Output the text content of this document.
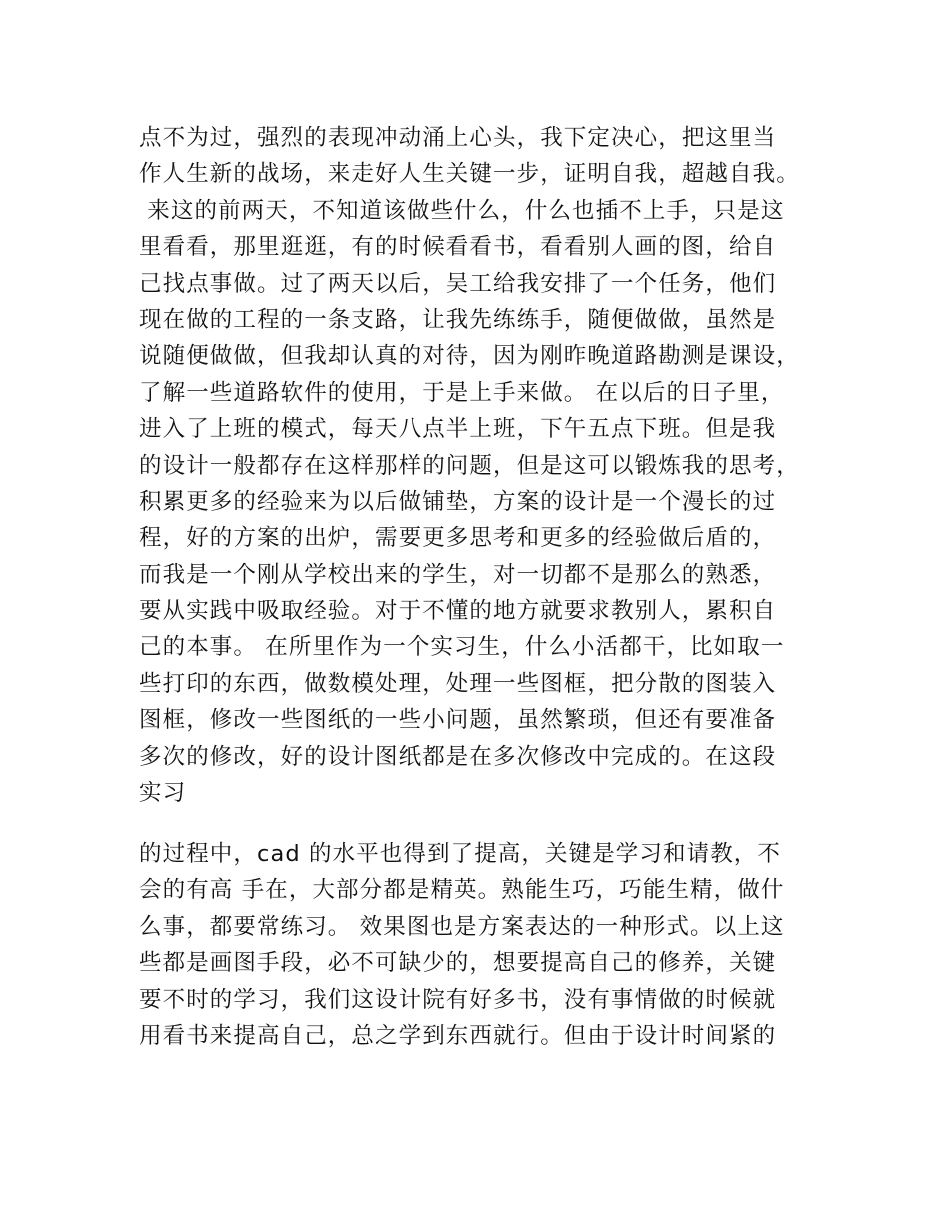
点不为过，强烈的表现冲动涌上心头，我下定决心，把这里当
作人生新的战场，来走好人生关键一步，证明自我，超越自我。
来这的前两天，不知道该做些什么，什么也插不上手，只是这
里看看，那里逛逛，有的时候看看书，看看别人画的图，给自
己找点事做。过了两天以后，吴工给我安排了一个任务，他们
现在做的工程的一条支路，让我先练练手，随便做做，虽然是
说随便做做，但我却认真的对待，因为刚昨晚道路勘测是课设，
了解一些道路软件的使用，于是上手来做。 在以后的日子里，
进入了上班的模式，每天八点半上班，下午五点下班。但是我
的设计一般都存在这样那样的问题，但是这可以锻炼我的思考，
积累更多的经验来为以后做铺垫，方案的设计是一个漫长的过
程，好的方案的出炉，需要更多思考和更多的经验做后盾的，
而我是一个刚从学校出来的学生，对一切都不是那么的熟悉，
要从实践中吸取经验。对于不懂的地方就要求教别人，累积自
己的本事。 在所里作为一个实习生，什么小活都干，比如取一
些打印的东西，做数模处理，处理一些图框，把分散的图装入
图框，修改一些图纸的一些小问题，虽然繁琐，但还有要准备
多次的修改，好的设计图纸都是在多次修改中完成的。在这段
实习
的过程中，cad 的水平也得到了提高，关键是学习和请教，不
会的有高 手在，大部分都是精英。熟能生巧，巧能生精，做什
么事，都要常练习。 效果图也是方案表达的一种形式。以上这
些都是画图手段，必不可缺少的，想要提高自己的修养，关键
要不时的学习，我们这设计院有好多书，没有事情做的时候就
用看书来提高自己，总之学到东西就行。但由于设计时间紧的
